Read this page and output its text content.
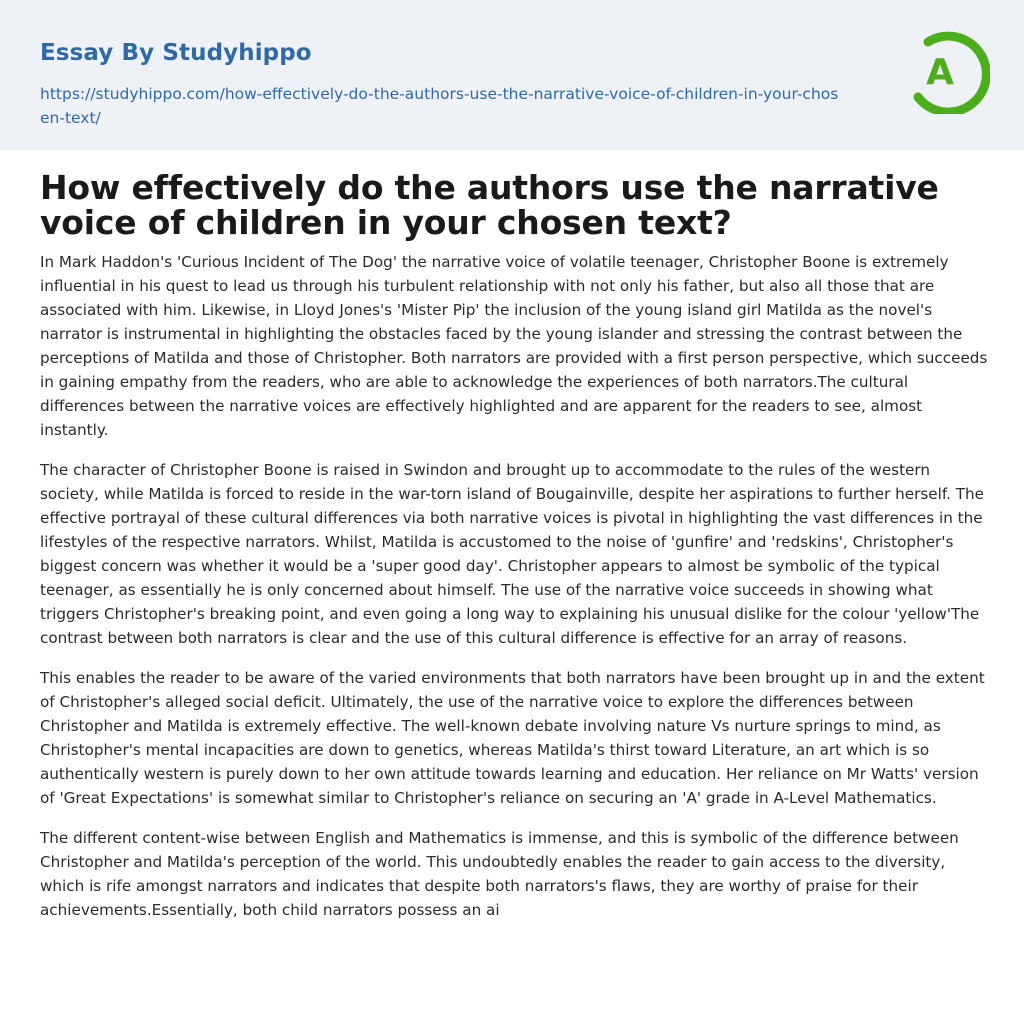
Essay By Studyhippo
https://studyhippo.com/how-effectively-do-the-authors-use-the-narrative-voice-of-children-in-your-chosen-text/
A
How effectively do the authors use the narrative voice of children in your chosen text?

In Mark Haddon's 'Curious Incident of The Dog' the narrative voice of volatile teenager, Christopher Boone is extremely influential in his quest to lead us through his turbulent relationship with not only his father, but also all those that are associated with him. Likewise, in Lloyd Jones's 'Mister Pip' the inclusion of the young island girl Matilda as the novel's narrator is instrumental in highlighting the obstacles faced by the young islander and stressing the contrast between the perceptions of Matilda and those of Christopher. Both narrators are provided with a first person perspective, which succeeds in gaining empathy from the readers, who are able to acknowledge the experiences of both narrators.The cultural differences between the narrative voices are effectively highlighted and are apparent for the readers to see, almost instantly.

The character of Christopher Boone is raised in Swindon and brought up to accommodate to the rules of the western society, while Matilda is forced to reside in the war-torn island of Bougainville, despite her aspirations to further herself. The effective portrayal of these cultural differences via both narrative voices is pivotal in highlighting the vast differences in the lifestyles of the respective narrators. Whilst, Matilda is accustomed to the noise of 'gunfire' and 'redskins', Christopher's biggest concern was whether it would be a 'super good day'. Christopher appears to almost be symbolic of the typical teenager, as essentially he is only concerned about himself. The use of the narrative voice succeeds in showing what triggers Christopher's breaking point, and even going a long way to explaining his unusual dislike for the colour 'yellow'The contrast between both narrators is clear and the use of this cultural difference is effective for an array of reasons.

This enables the reader to be aware of the varied environments that both narrators have been brought up in and the extent of Christopher's alleged social deficit. Ultimately, the use of the narrative voice to explore the differences between Christopher and Matilda is extremely effective. The well-known debate involving nature Vs nurture springs to mind, as Christopher's mental incapacities are down to genetics, whereas Matilda's thirst toward Literature, an art which is so authentically western is purely down to her own attitude towards learning and education. Her reliance on Mr Watts' version of 'Great Expectations' is somewhat similar to Christopher's reliance on securing an 'A' grade in A-Level Mathematics.

The different content-wise between English and Mathematics is immense, and this is symbolic of the difference between Christopher and Matilda's perception of the world. This undoubtedly enables the reader to gain access to the diversity, which is rife amongst narrators and indicates that despite both narrators's flaws, they are worthy of praise for their achievements.Essentially, both child narrators possess an ai
